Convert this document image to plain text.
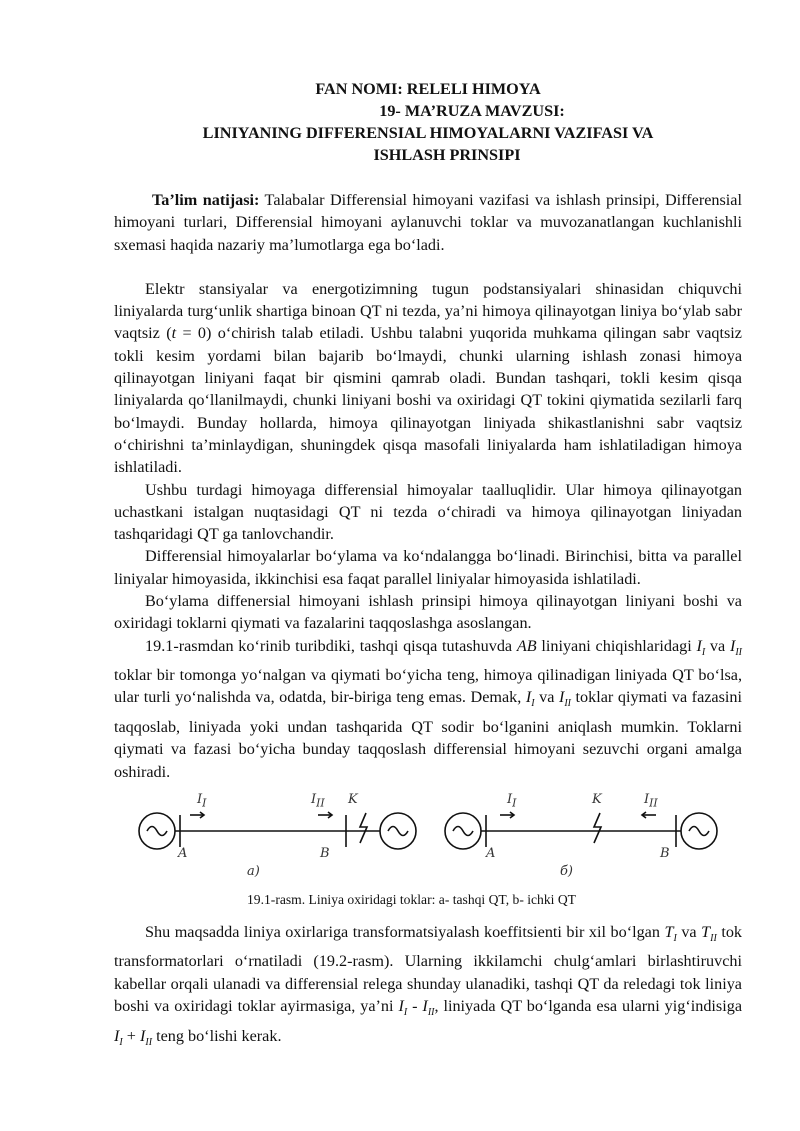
FAN NOMI: RELELI HIMOYA
19- MA’RUZA MAVZUSI:
LINIYANING DIFFERENSIAL HIMOYALARNI VAZIFASI VA
ISHLASH PRINSIPI

Ta’lim natijasi: Talabalar Differensial himoyani vazifasi va ishlash prinsipi, Differensial himoyani turlari, Differensial himoyani aylanuvchi toklar va muvozanatlangan kuchlanishli sxemasi haqida nazariy ma’lumotlarga ega bo‘ladi.

Elektr stansiyalar va energotizimning tugun podstansiyalari shinasidan chiquvchi liniyalarda turg‘unlik shartiga binoan QT ni tezda, ya’ni himoya qilinayotgan liniya bo‘ylab sabr vaqtsiz (t = 0) o‘chirish talab etiladi. Ushbu talabni yuqorida muhkama qilingan sabr vaqtsiz tokli kesim yordami bilan bajarib bo‘lmaydi, chunki ularning ishlash zonasi himoya qilinayotgan liniyani faqat bir qismini qamrab oladi. Bundan tashqari, tokli kesim qisqa liniyalarda qo‘llanilmaydi, chunki liniyani boshi va oxiridagi QT tokini qiymatida sezilarli farq bo‘lmaydi. Bunday hollarda, himoya qilinayotgan liniyada shikastlanishni sabr vaqtsiz o‘chirishni ta’minlaydigan, shuningdek qisqa masofali liniyalarda ham ishlatiladigan himoya ishlatiladi.

Ushbu turdagi himoyaga differensial himoyalar taalluqlidir. Ular himoya qilinayotgan uchastkani istalgan nuqtasidagi QT ni tezda o‘chiradi va himoya qilinayotgan liniyadan tashqaridagi QT ga tanlovchandir.

Differensial himoyalarlar bo‘ylama va ko‘ndalangga bo‘linadi. Birinchisi, bitta va parallel liniyalar himoyasida, ikkinchisi esa faqat parallel liniyalar himoyasida ishlatiladi.

Bo‘ylama diffenersial himoyani ishlash prinsipi himoya qilinayotgan liniyani boshi va oxiridagi toklarni qiymati va fazalarini taqqoslashga asoslangan.

19.1-rasmdan ko‘rinib turibdiki, tashqi qisqa tutashuvda AB liniyani chiqishlaridagi $I_I$ va $I_{II}$ toklar bir tomonga yo‘nalgan va qiymati bo‘yicha teng, himoya qilinadigan liniyada QT bo‘lsa, ular turli yo‘nalishda va, odatda, bir-biriga teng emas. Demak, $I_I$ va $I_{II}$ toklar qiymati va fazasini taqqoslab, liniyada yoki undan tashqarida QT sodir bo‘lganini aniqlash mumkin. Toklarni qiymati va fazasi bo‘yicha bunday taqqoslash differensial himoyani sezuvchi organi amalga oshiradi.

$I_I$	$I_{II}$ K
A	B
а)
$I_I$	$I_{II}$
K
A	B
б)
19.1-rasm. Liniya oxiridagi toklar: a- tashqi QT, b- ichki QT

Shu maqsadda liniya oxirlariga transformatsiyalash koeffitsienti bir xil bo‘lgan $T_I$ va $T_{II}$ tok transformatorlari o‘rnatiladi (19.2-rasm). Ularning ikkilamchi chulg‘amlari birlashtiruvchi kabellar orqali ulanadi va differensial relega shunday ulanadiki, tashqi QT da reledagi tok liniya boshi va oxiridagi toklar ayirmasiga, ya’ni $I_I - I_{II}$, liniyada QT bo‘lganda esa ularni yig‘indisiga $I_I + I_{II}$ teng bo‘lishi kerak.
